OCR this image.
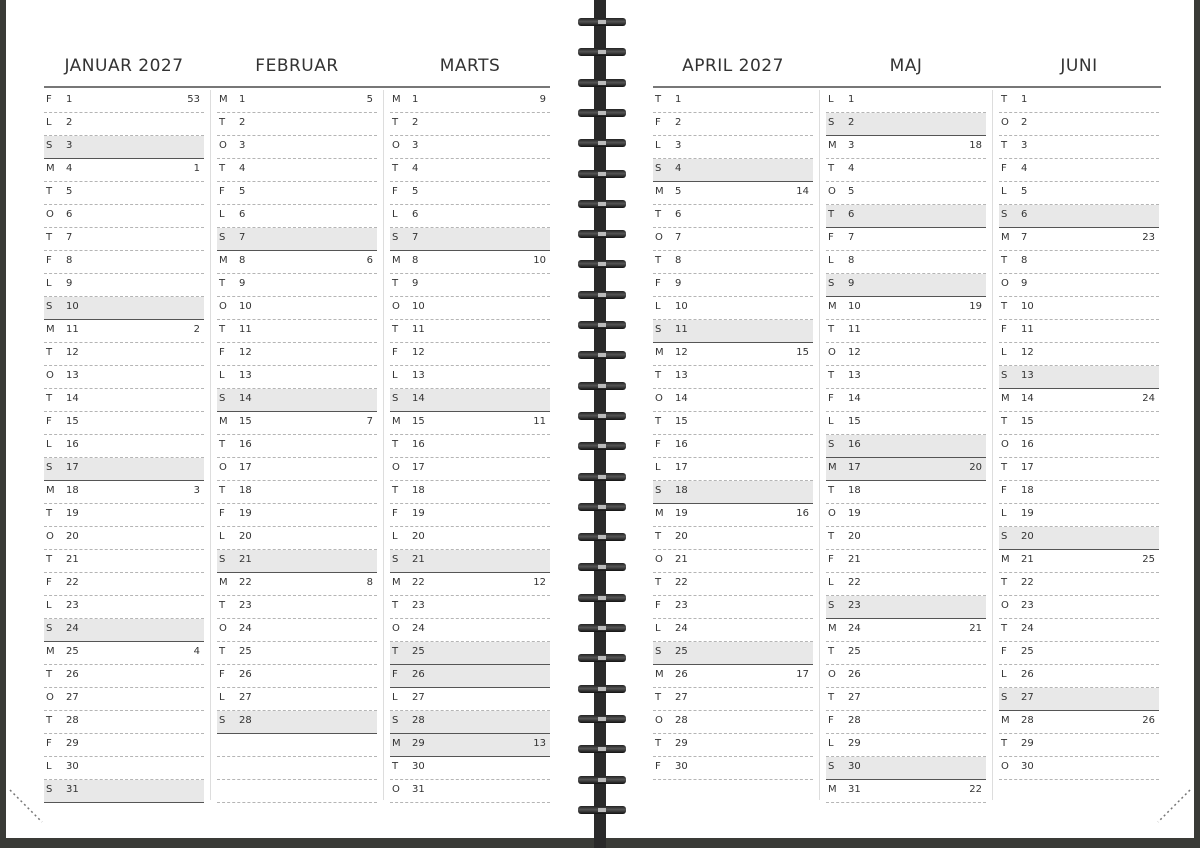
JANUAR 2027
F	1	53
L	2
S	3
M	4	1
T	5
O	6
T	7
F	8
L	9
S	10
M	11	2
T	12
O	13
T	14
F	15
L	16
S	17
M	18	3
T	19
O	20
T	21
F	22
L	23
S	24
M	25	4
T	26
O	27
T	28
F	29
L	30
S	31
FEBRUAR
M	1	5
T	2
O	3
T	4
F	5
L	6
S	7
M	8	6
T	9
O	10
T	11
F	12
L	13
S	14
M	15	7
T	16
O	17
T	18
F	19
L	20
S	21
M	22	8
T	23
O	24
T	25
F	26
L	27
S	28
MARTS
M	1	9
T	2
O	3
T	4
F	5
L	6
S	7
M	8	10
T	9
O	10
T	11
F	12
L	13
S	14
M	15	11
T	16
O	17
T	18
F	19
L	20
S	21
M	22	12
T	23
O	24
T	25
F	26
L	27
S	28
M	29	13
T	30
O	31
APRIL 2027
T	1
F	2
L	3
S	4
M	5	14
T	6
O	7
T	8
F	9
L	10
S	11
M	12	15
T	13
O	14
T	15
F	16
L	17
S	18
M	19	16
T	20
O	21
T	22
F	23
L	24
S	25
M	26	17
T	27
O	28
T	29
F	30
MAJ
L	1
S	2
M	3	18
T	4
O	5
T	6
F	7
L	8
S	9
M	10	19
T	11
O	12
T	13
F	14
L	15
S	16
M	17	20
T	18
O	19
T	20
F	21
L	22
S	23
M	24	21
T	25
O	26
T	27
F	28
L	29
S	30
M	31	22
JUNI
T	1
O	2
T	3
F	4
L	5
S	6
M	7	23
T	8
O	9
T	10
F	11
L	12
S	13
M	14	24
T	15
O	16
T	17
F	18
L	19
S	20
M	21	25
T	22
O	23
T	24
F	25
L	26
S	27
M	28	26
T	29
O	30
